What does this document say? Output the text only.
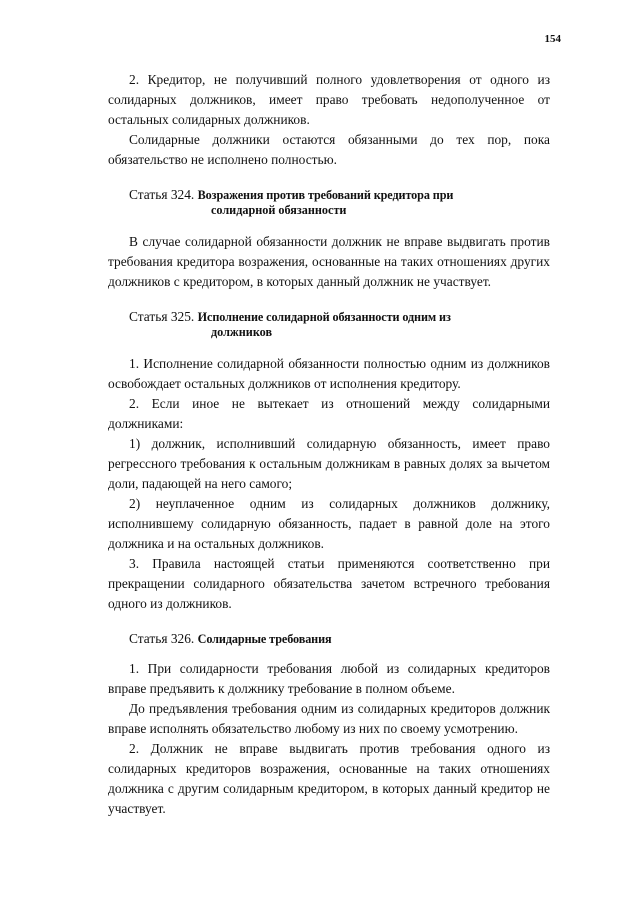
154

2. Кредитор, не получивший полного удовлетворения от одного из солидарных должников, имеет право требовать недополученное от остальных солидарных должников.

Солидарные должники остаются обязанными до тех пор, пока обязательство не исполнено полностью.

Статья 324. Возражения против требований кредитора при
солидарной обязанности

В случае солидарной обязанности должник не вправе выдвигать против требования кредитора возражения, основанные на таких отношениях других должников с кредитором, в которых данный должник не участвует.

Статья 325. Исполнение солидарной обязанности одним из
должников

1. Исполнение солидарной обязанности полностью одним из должников освобождает остальных должников от исполнения кредитору.

2. Если иное не вытекает из отношений между солидарными должниками:

1) должник, исполнивший солидарную обязанность, имеет право регрессного требования к остальным должникам в равных долях за вычетом доли, падающей на него самого;

2) неуплаченное одним из солидарных должников должнику, исполнившему солидарную обязанность, падает в равной доле на этого должника и на остальных должников.

3. Правила настоящей статьи применяются соответственно при прекращении солидарного обязательства зачетом встречного требования одного из должников.

Статья 326. Солидарные требования

1. При солидарности требования любой из солидарных кредиторов вправе предъявить к должнику требование в полном объеме.

До предъявления требования одним из солидарных кредиторов должник вправе исполнять обязательство любому из них по своему усмотрению.

2. Должник не вправе выдвигать против требования одного из солидарных кредиторов возражения, основанные на таких отношениях должника с другим солидарным кредитором, в которых данный кредитор не участвует.
